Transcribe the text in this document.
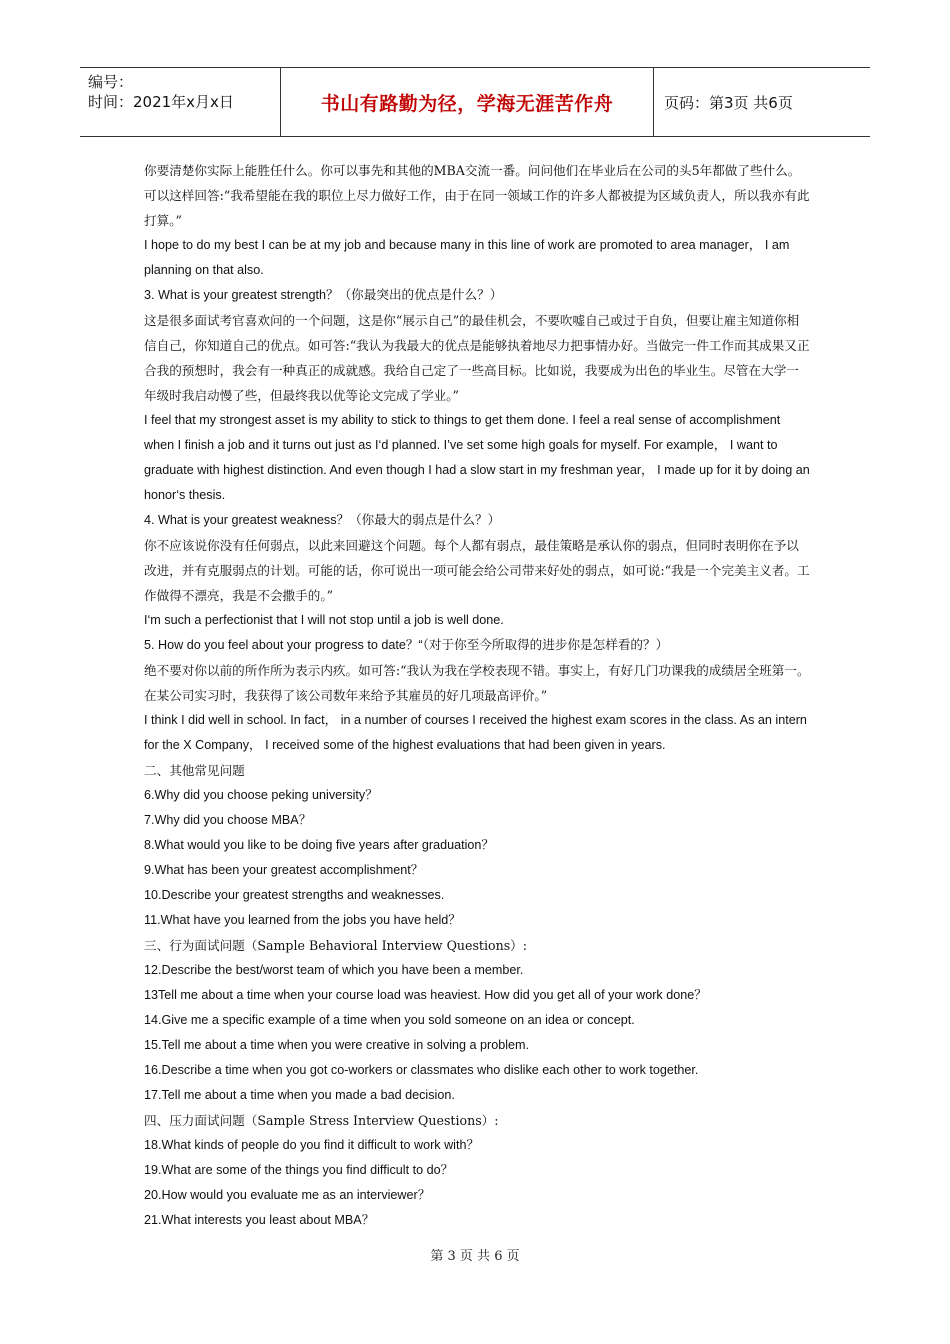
编号：
时间：2021年x月x日	书山有路勤为径，学海无涯苦作舟	页码：第3页 共6页

你要清楚你实际上能胜任什么。你可以事先和其他的MBA交流一番。问问他们在毕业后在公司的头5年都做了些什么。可以这样回答:“我希望能在我的职位上尽力做好工作，由于在同一领域工作的许多人都被提为区域负责人，所以我亦有此打算。”

I hope to do my best I can be at my job and because many in this line of work are promoted to area manager， I am planning on that also.

3. What is your greatest strength？（你最突出的优点是什么？）

这是很多面试考官喜欢问的一个问题，这是你“展示自己”的最佳机会，不要吹嘘自己或过于自负，但要让雇主知道你相信自己，你知道自己的优点。如可答:“我认为我最大的优点是能够执着地尽力把事情办好。当做完一件工作而其成果又正合我的预想时，我会有一种真正的成就感。我给自己定了一些高目标。比如说，我要成为出色的毕业生。尽管在大学一年级时我启动慢了些，但最终我以优等论文完成了学业。”

I feel that my strongest asset is my ability to stick to things to get them done. I feel a real sense of accomplishment when I finish a job and it turns out just as I‘d planned. I’ve set some high goals for myself. For example， I want to graduate with highest distinction. And even though I had a slow start in my freshman year， I made up for it by doing an honor‘s thesis.

4. What is your greatest weakness？（你最大的弱点是什么？）

你不应该说你没有任何弱点，以此来回避这个问题。每个人都有弱点，最佳策略是承认你的弱点，但同时表明你在予以改进，并有克服弱点的计划。可能的话，你可说出一项可能会给公司带来好处的弱点，如可说:“我是一个完美主义者。工作做得不漂亮，我是不会撒手的。”

I‘m such a perfectionist that I will not stop until a job is well done.

5. How do you feel about your progress to date？“（对于你至今所取得的进步你是怎样看的？）

绝不要对你以前的所作所为表示内疚。如可答:“我认为我在学校表现不错。事实上，有好几门功课我的成绩居全班第一。在某公司实习时，我获得了该公司数年来给予其雇员的好几项最高评价。”

I think I did well in school. In fact， in a number of courses I received the highest exam scores in the class. As an intern for the X Company， I received some of the highest evaluations that had been given in years.

二、其他常见问题

6.Why did you choose peking university？

7.Why did you choose MBA？

8.What would you like to be doing five years after graduation？

9.What has been your greatest accomplishment？

10.Describe your greatest strengths and weaknesses.

11.What have you learned from the jobs you have held？

三、行为面试问题（Sample Behavioral Interview Questions）:

12.Describe the best/worst team of which you have been a member.

13Tell me about a time when your course load was heaviest. How did you get all of your work done？

14.Give me a specific example of a time when you sold someone on an idea or concept.

15.Tell me about a time when you were creative in solving a problem.

16.Describe a time when you got co-workers or classmates who dislike each other to work together.

17.Tell me about a time when you made a bad decision.

四、压力面试问题（Sample Stress Interview Questions）:

18.What kinds of people do you find it difficult to work with？

19.What are some of the things you find difficult to do？

20.How would you evaluate me as an interviewer？

21.What interests you least about MBA？

第 3 页 共 6 页
